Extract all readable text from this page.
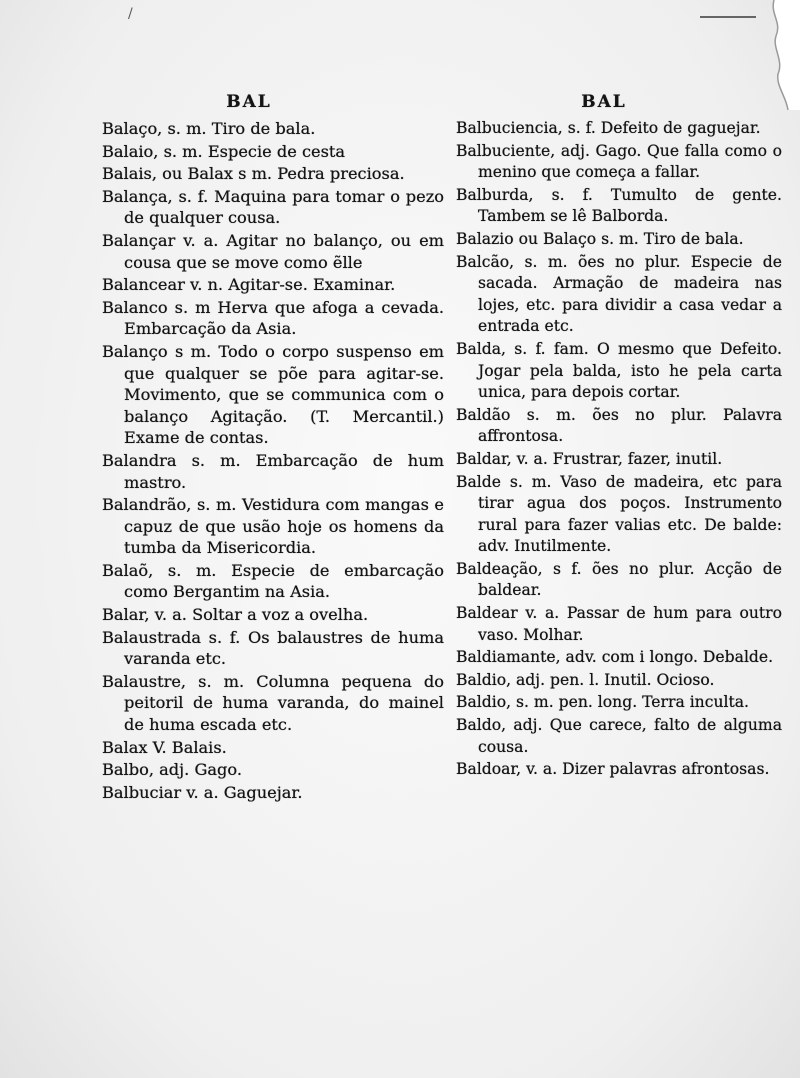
/
BAL
Balaço, s. m. Tiro de bala.
Balaio, s. m. Especie de cesta
Balais, ou Balax s m. Pedra preciosa.
Balança, s. f. Maquina para tomar o pezo de qualquer cousa.
Balançar v. a. Agitar no balanço, ou em cousa que se move como ẽlle
Balancear v. n. Agitar-se. Examinar.
Balanco s. m Herva que afoga a cevada. Embarcação da Asia.
Balanço s m. Todo o corpo suspenso em que qualquer se põe para agitar-se. Movimento, que se communica com o balanço Agitação. (T. Mercantil.) Exame de contas.
Balandra s. m. Embarcação de hum mastro.
Balandrão, s. m. Vestidura com mangas e capuz de que usão hoje os homens da tumba da Misericordia.
Balaõ, s. m. Especie de embarcação como Bergantim na Asia.
Balar, v. a. Soltar a voz a ovelha.
Balaustrada s. f. Os balaustres de huma varanda etc.
Balaustre, s. m. Columna pequena do peitoril de huma varanda, do mainel de huma escada etc.
Balax V. Balais.
Balbo, adj. Gago.
Balbuciar v. a. Gaguejar.
BAL
Balbuciencia, s. f. Defeito de gaguejar.
Balbuciente, adj. Gago. Que falla como o menino que começa a fallar.
Balburda, s. f. Tumulto de gente. Tambem se lê Balborda.
Balazio ou Balaço s. m. Tiro de bala.
Balcão, s. m. ões no plur. Especie de sacada. Armação de madeira nas lojes, etc. para dividir a casa vedar a entrada etc.
Balda, s. f. fam. O mesmo que Defeito. Jogar pela balda, isto he pela carta unica, para depois cortar.
Baldão s. m. ões no plur. Palavra affrontosa.
Baldar, v. a. Frustrar, fazer, inutil.
Balde s. m. Vaso de madeira, etc para tirar agua dos poços. Instrumento rural para fazer valias etc. De balde: adv. Inutilmente.
Baldeação, s f. ões no plur. Acção de baldear.
Baldear v. a. Passar de hum para outro vaso. Molhar.
Baldiamante, adv. com i longo. Debalde.
Baldio, adj. pen. l. Inutil. Ocioso.
Baldio, s. m. pen. long. Terra inculta.
Baldo, adj. Que carece, falto de alguma cousa.
Baldoar, v. a. Dizer palavras afrontosas.
